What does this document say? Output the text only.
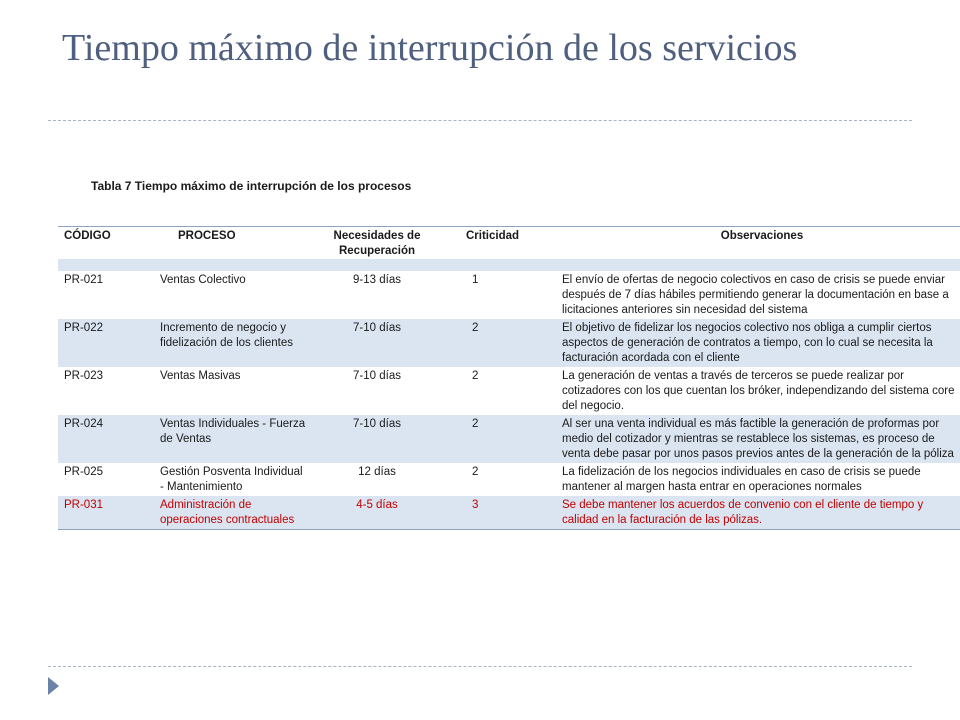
Tiempo máximo de interrupción de los servicios
Tabla 7 Tiempo máximo de interrupción de los procesos
CÓDIGO	PROCESO	Necesidades de Recuperación	Criticidad	Observaciones

PR-021	Ventas Colectivo	9-13 días	1	El envío de ofertas de negocio colectivos en caso de crisis se puede enviar después de 7 días hábiles permitiendo generar la documentación en base a licitaciones anteriores sin necesidad del sistema
PR-022	Incremento de negocio y fidelización de los clientes	7-10 días	2	El objetivo de fidelizar los negocios colectivo nos obliga a cumplir ciertos aspectos de generación de contratos a tiempo, con lo cual se necesita la facturación acordada con el cliente
PR-023	Ventas Masivas	7-10 días	2	La generación de ventas a través de terceros se puede realizar por cotizadores con los que cuentan los bróker, independizando del sistema core del negocio.
PR-024	Ventas Individuales - Fuerza de Ventas	7-10 días	2	Al ser una venta individual es más factible la generación de proformas por medio del cotizador y mientras se restablece los sistemas, es proceso de venta debe pasar por unos pasos previos antes de la generación de la póliza
PR-025	Gestión Posventa Individual - Mantenimiento	12 días	2	La fidelización de los negocios individuales en caso de crisis se puede mantener al margen hasta entrar en operaciones normales
PR-031	Administración de operaciones contractuales	4-5 días	3	Se debe mantener los acuerdos de convenio con el cliente de tiempo y calidad en la facturación de las pólizas.
